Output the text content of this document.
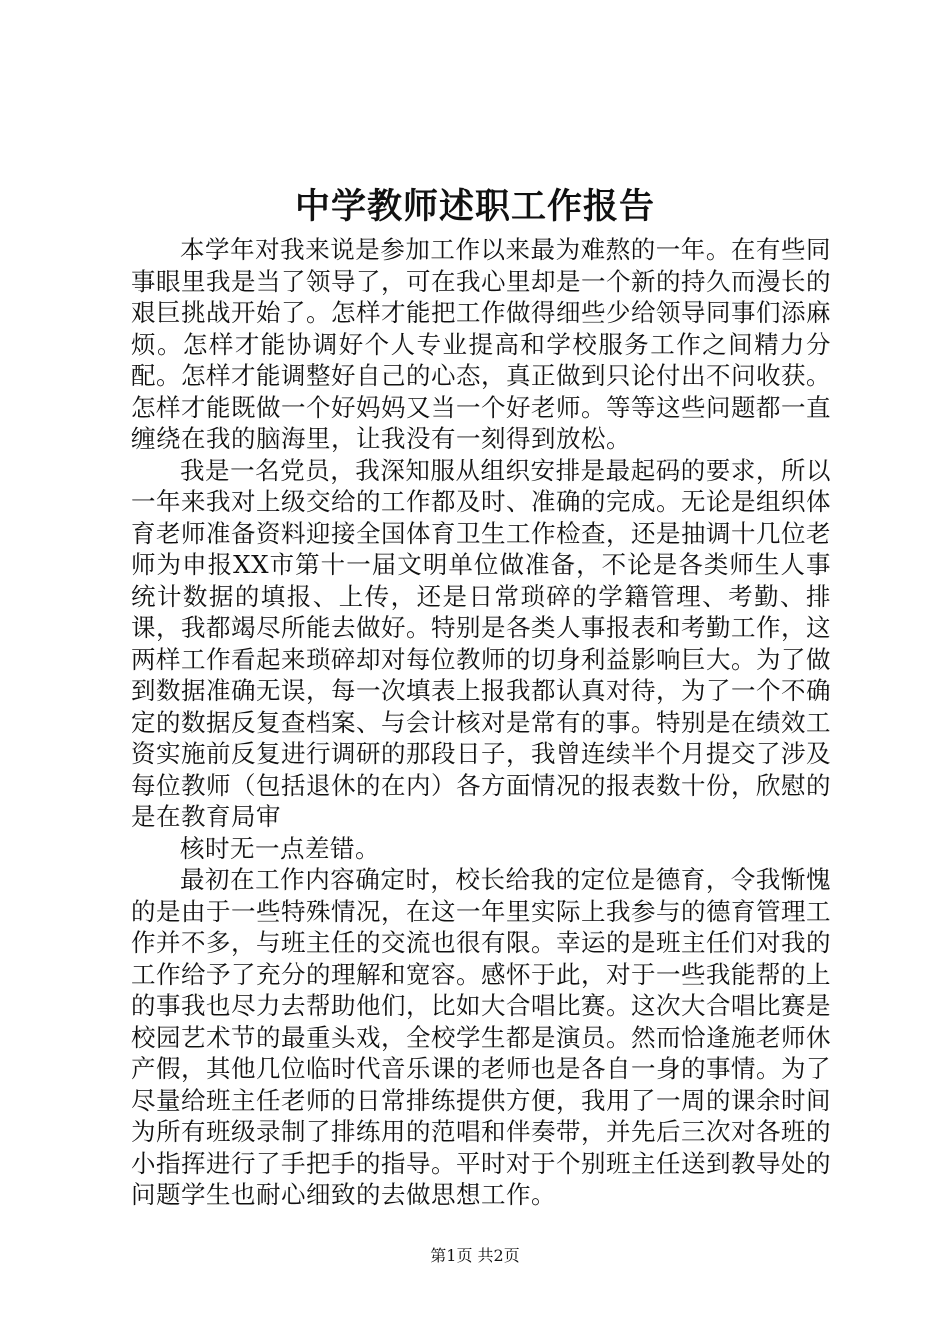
中学教师述职工作报告

本学年对我来说是参加工作以来最为难熬的一年。在有些同事眼里我是当了领导了，可在我心里却是一个新的持久而漫长的艰巨挑战开始了。怎样才能把工作做得细些少给领导同事们添麻烦。怎样才能协调好个人专业提高和学校服务工作之间精力分配。怎样才能调整好自己的心态，真正做到只论付出不问收获。怎样才能既做一个好妈妈又当一个好老师。等等这些问题都一直缠绕在我的脑海里，让我没有一刻得到放松。

我是一名党员，我深知服从组织安排是最起码的要求，所以一年来我对上级交给的工作都及时、准确的完成。无论是组织体育老师准备资料迎接全国体育卫生工作检查，还是抽调十几位老师为申报XX市第十一届文明单位做准备，不论是各类师生人事统计数据的填报、上传，还是日常琐碎的学籍管理、考勤、排课，我都竭尽所能去做好。特别是各类人事报表和考勤工作，这两样工作看起来琐碎却对每位教师的切身利益影响巨大。为了做到数据准确无误，每一次填表上报我都认真对待，为了一个不确定的数据反复查档案、与会计核对是常有的事。特别是在绩效工资实施前反复进行调研的那段日子，我曾连续半个月提交了涉及每位教师（包括退休的在内）各方面情况的报表数十份，欣慰的是在教育局审

核时无一点差错。

最初在工作内容确定时，校长给我的定位是德育，令我惭愧的是由于一些特殊情况，在这一年里实际上我参与的德育管理工作并不多，与班主任的交流也很有限。幸运的是班主任们对我的工作给予了充分的理解和宽容。感怀于此，对于一些我能帮的上的事我也尽力去帮助他们，比如大合唱比赛。这次大合唱比赛是校园艺术节的最重头戏，全校学生都是演员。然而恰逢施老师休产假，其他几位临时代音乐课的老师也是各自一身的事情。为了尽量给班主任老师的日常排练提供方便，我用了一周的课余时间为所有班级录制了排练用的范唱和伴奏带，并先后三次对各班的小指挥进行了手把手的指导。平时对于个别班主任送到教导处的问题学生也耐心细致的去做思想工作。

第1页 共2页
